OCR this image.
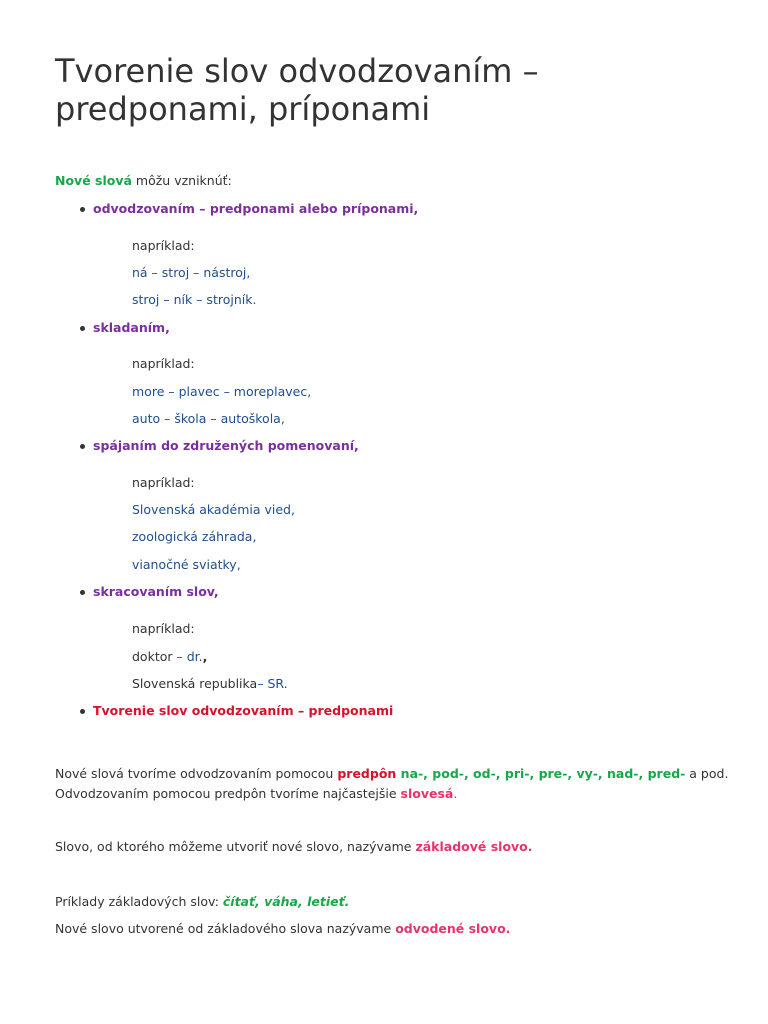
Tvorenie slov odvodzovaním – predponami, príponami
Nové slová môžu vzniknúť:
odvodzovaním – predponami alebo príponami,
napríklad:
ná – stroj – nástroj,
stroj – ník – strojník.
skladaním,
napríklad:
more – plavec – moreplavec,
auto – škola – autoškola,
spájaním do združených pomenovaní,
napríklad:
Slovenská akadémia vied,
zoologická záhrada,
vianočné sviatky,
skracovaním slov,
napríklad:
doktor – dr.,
Slovenská republika– SR.
Tvorenie slov odvodzovaním – predponami
Nové slová tvoríme odvodzovaním pomocou predpôn na-, pod-, od-, pri-, pre-, vy-, nad-, pred- a pod.
Odvodzovaním pomocou predpôn tvoríme najčastejšie slovesá.
Slovo, od ktorého môžeme utvoriť nové slovo, nazývame základové slovo.
Príklady základových slov: čítať, váha, letieť.
Nové slovo utvorené od základového slova nazývame odvodené slovo.
